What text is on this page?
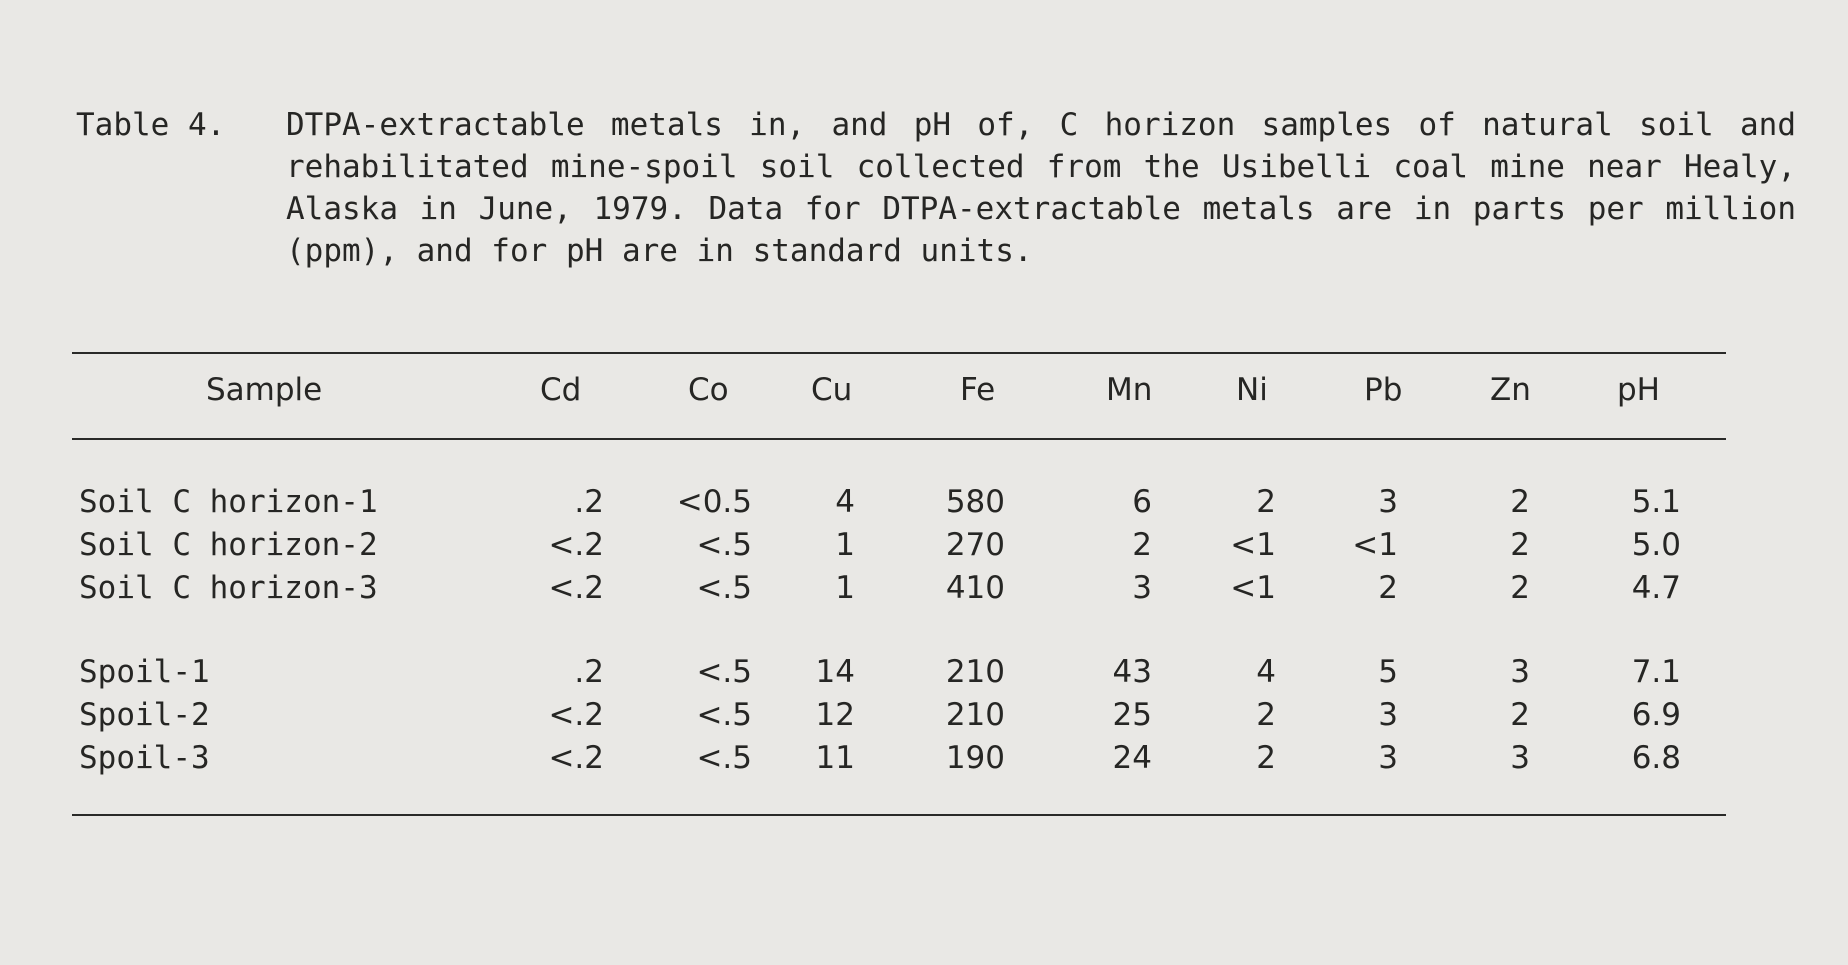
Table 4.	DTPA-extractable metals in, and pH of, C horizon samples of natural soil and rehabilitated mine-spoil soil collected from the Usibelli coal mine near Healy, Alaska in June, 1979. Data for DTPA-extractable metals are in parts per million (ppm), and for pH are in standard units.
Sample	Cd	Co	Cu	Fe	Mn	Ni	Pb	Zn	pH
Soil C horizon-1	.2	<0.5	4	580	6	2	3	2	5.1
Soil C horizon-2	<.2	<.5	1	270	2	<1	<1	2	5.0
Soil C horizon-3	<.2	<.5	1	410	3	<1	2	2	4.7
Spoil-1	.2	<.5	14	210	43	4	5	3	7.1
Spoil-2	<.2	<.5	12	210	25	2	3	2	6.9
Spoil-3	<.2	<.5	11	190	24	2	3	3	6.8
